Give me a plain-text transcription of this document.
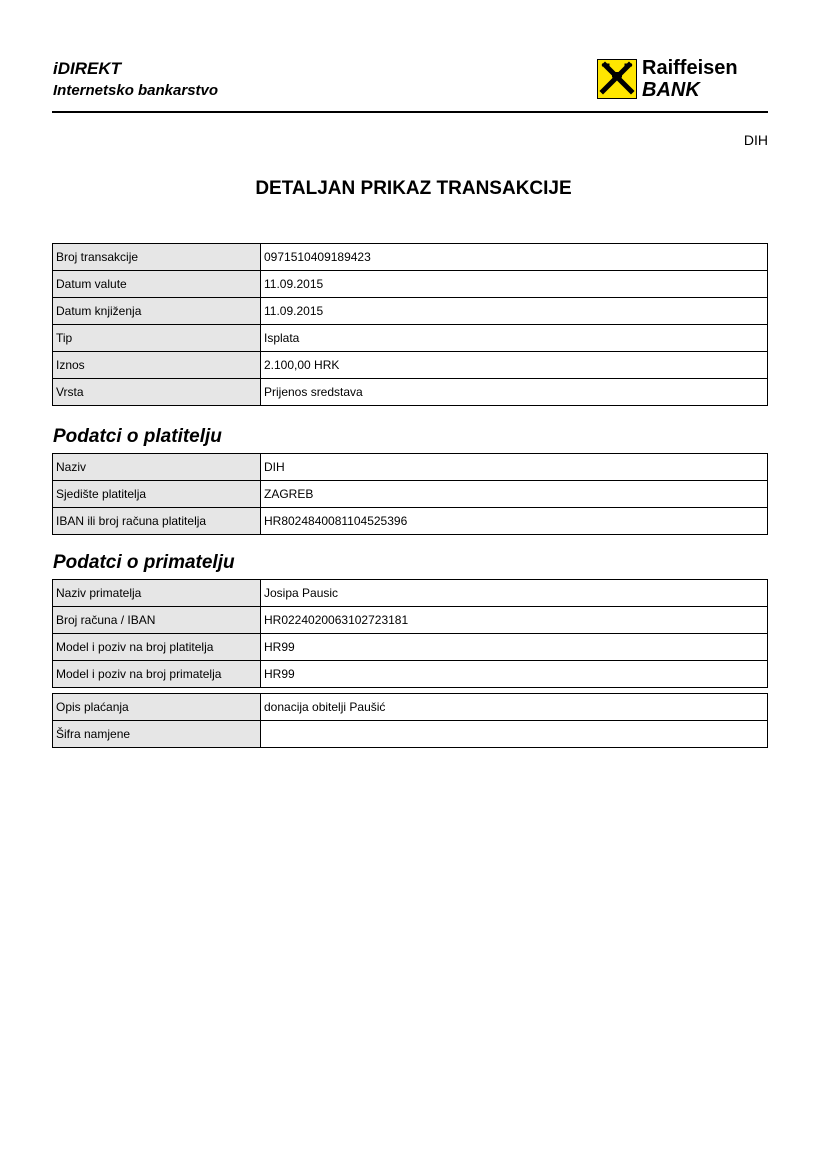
iDIREKT
Internetsko bankarstvo
Raiffeisen
BANK
DIH
DETALJAN PRIKAZ TRANSAKCIJE
Broj transakcije	0971510409189423
Datum valute	11.09.2015
Datum knjiženja	11.09.2015
Tip	Isplata
Iznos	2.100,00 HRK
Vrsta	Prijenos sredstava
Podatci o platitelju
Naziv	DIH
Sjedište platitelja	ZAGREB
IBAN ili broj računa platitelja	HR8024840081104525396
Podatci o primatelju
Naziv primatelja	Josipa Pausic
Broj računa / IBAN	HR0224020063102723181
Model i poziv na broj platitelja	HR99
Model i poziv na broj primatelja	HR99
Opis plaćanja	donacija obitelji Paušić
Šifra namjene	
